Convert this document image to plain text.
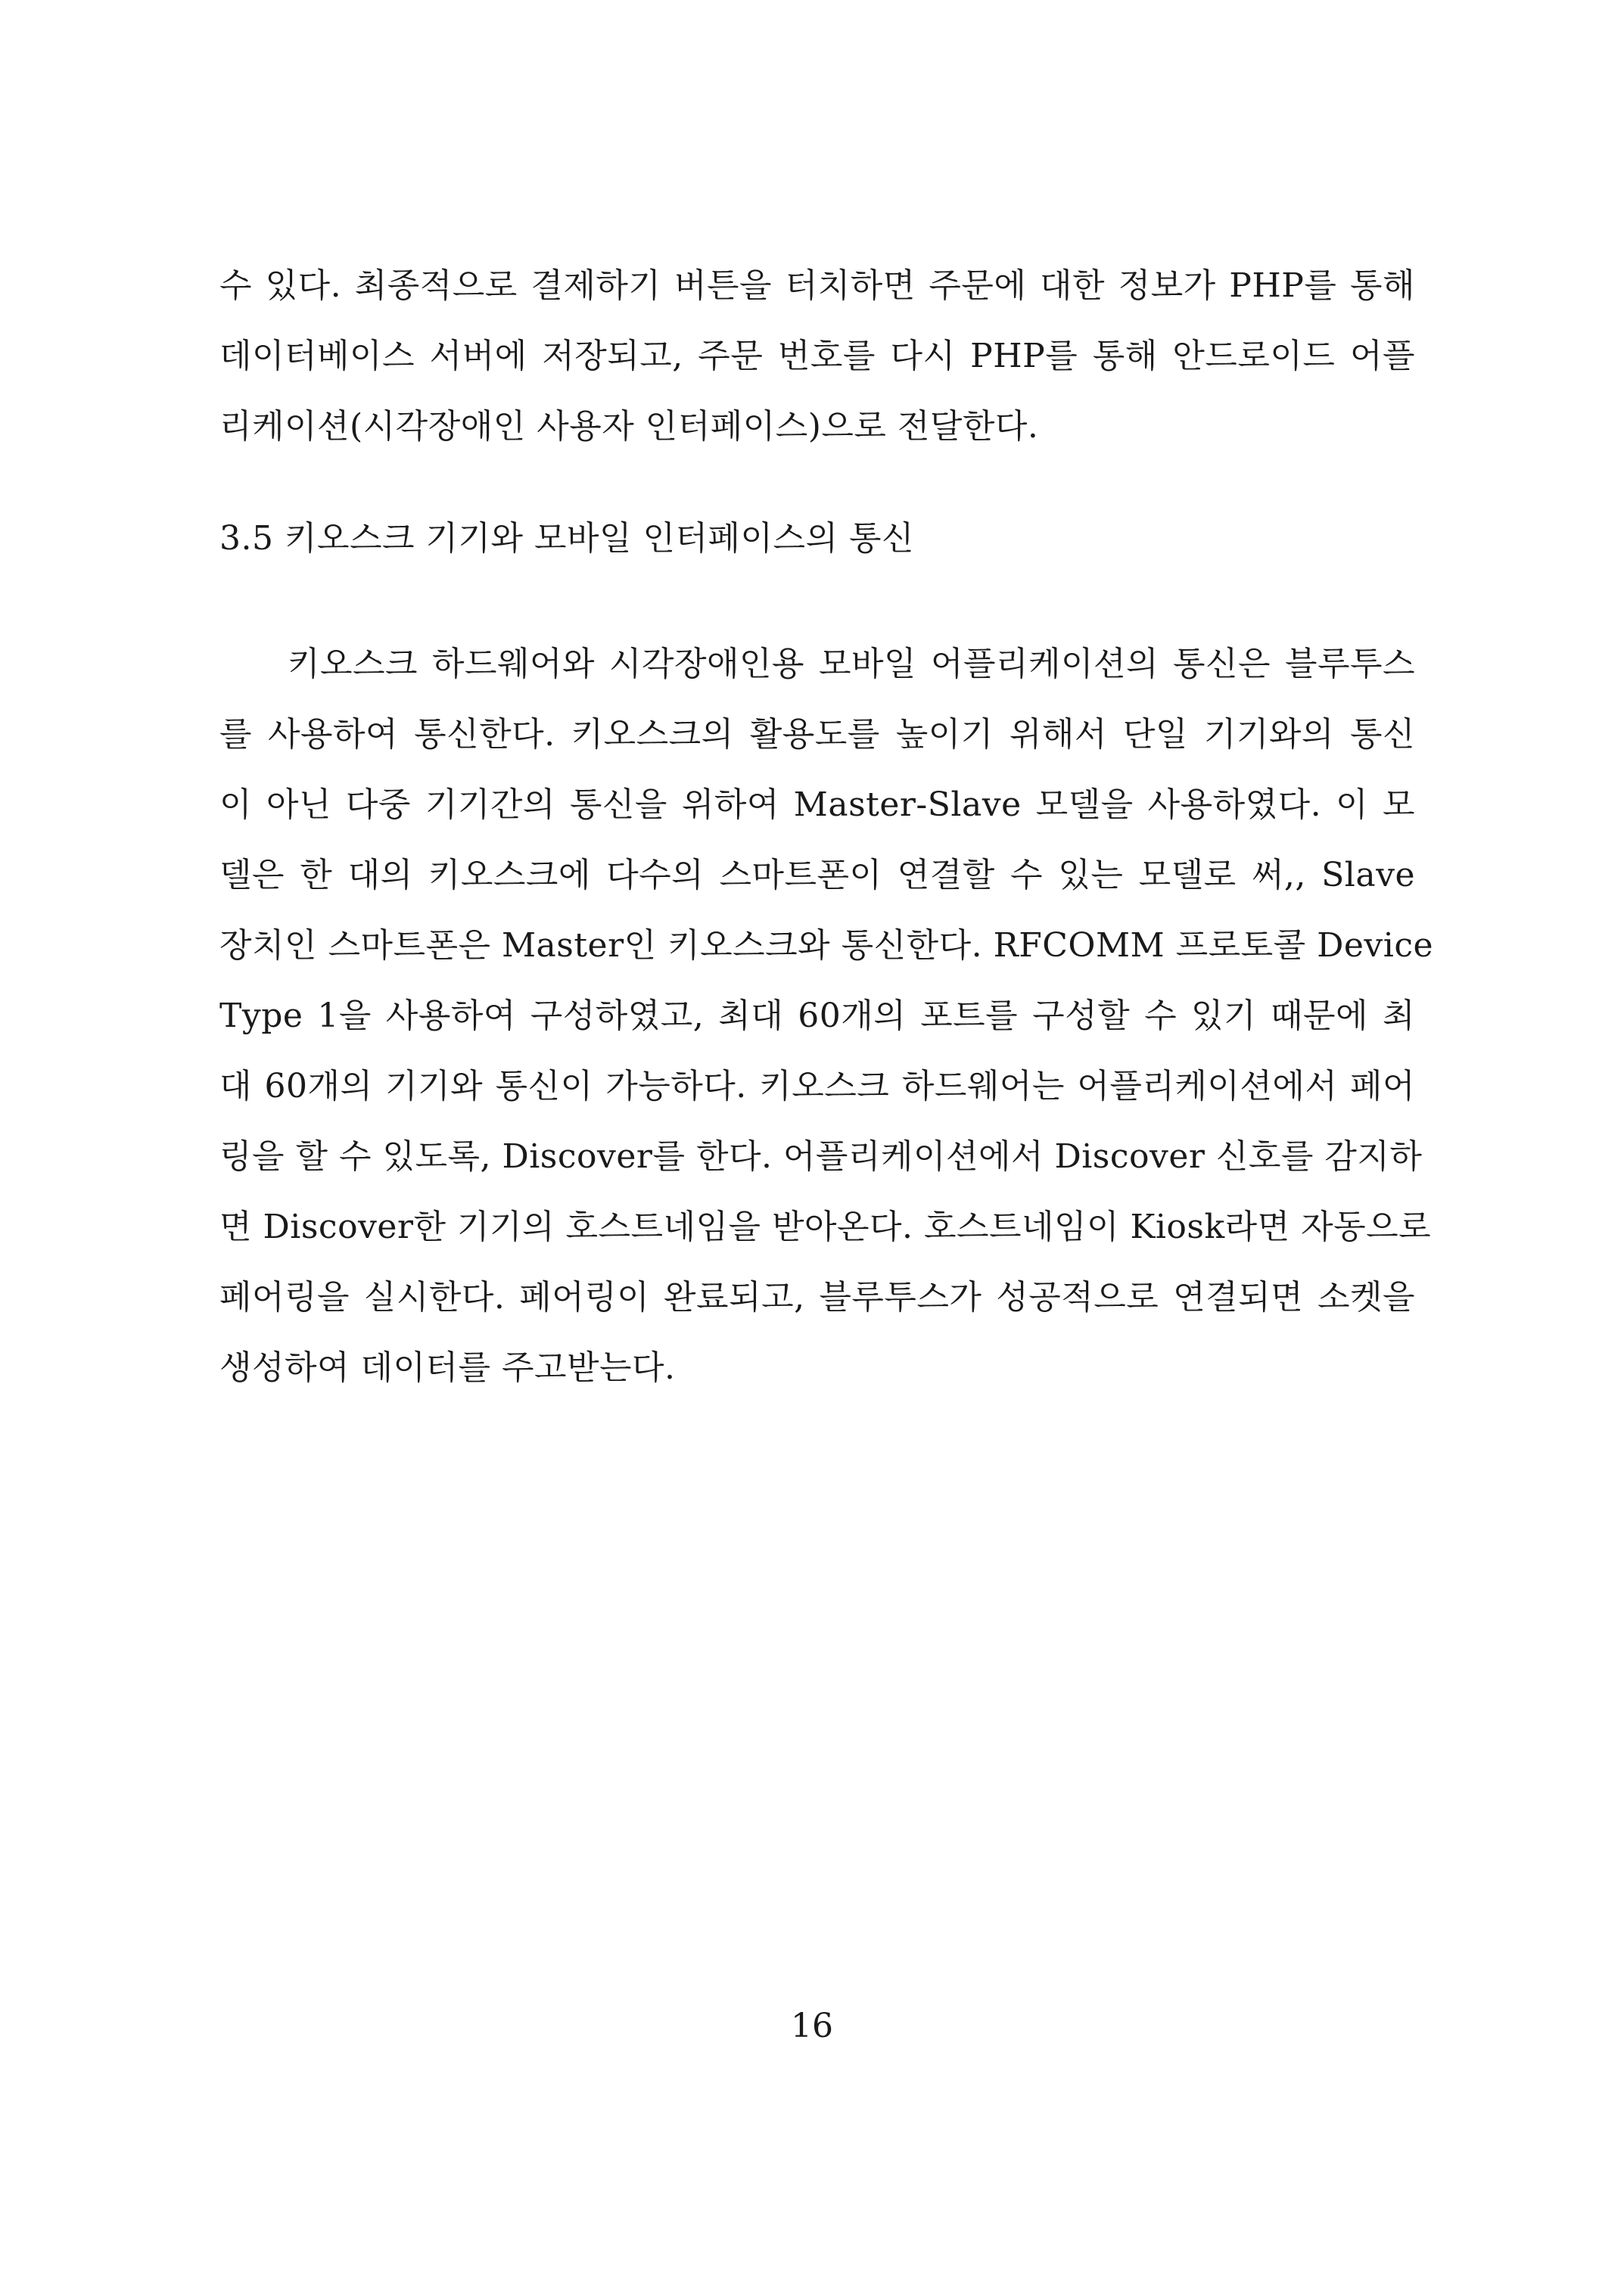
수 있다. 최종적으로 결제하기 버튼을 터치하면 주문에 대한 정보가 PHP를 통해
데이터베이스 서버에 저장되고, 주문 번호를 다시 PHP를 통해 안드로이드 어플
리케이션(시각장애인 사용자 인터페이스)으로 전달한다.
3.5 키오스크 기기와 모바일 인터페이스의 통신
키오스크 하드웨어와 시각장애인용 모바일 어플리케이션의 통신은 블루투스
를 사용하여 통신한다. 키오스크의 활용도를 높이기 위해서 단일 기기와의 통신
이 아닌 다중 기기간의 통신을 위하여 Master-Slave 모델을 사용하였다. 이 모
델은 한 대의 키오스크에 다수의 스마트폰이 연결할 수 있는 모델로 써,, Slave
장치인 스마트폰은 Master인 키오스크와 통신한다. RFCOMM 프로토콜 Device
Type 1을 사용하여 구성하였고, 최대 60개의 포트를 구성할 수 있기 때문에 최
대 60개의 기기와 통신이 가능하다. 키오스크 하드웨어는 어플리케이션에서 페어
링을 할 수 있도록, Discover를 한다. 어플리케이션에서 Discover 신호를 감지하
면 Discover한 기기의 호스트네임을 받아온다. 호스트네임이 Kiosk라면 자동으로
페어링을 실시한다. 페어링이 완료되고, 블루투스가 성공적으로 연결되면 소켓을
생성하여 데이터를 주고받는다.
16
